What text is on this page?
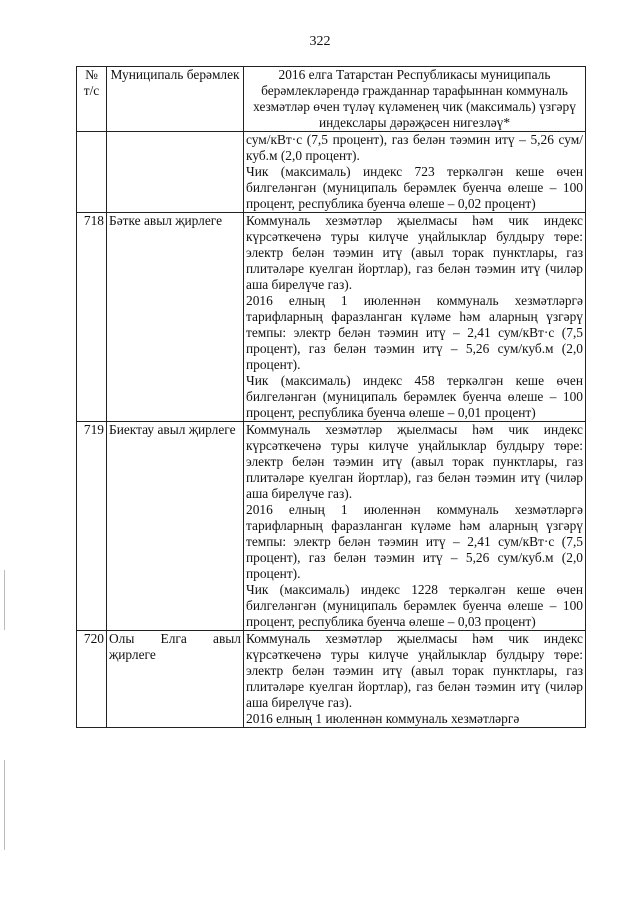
322
№ т/с	Муниципаль берәмлек	2016 елга Татарстан Республикасы муниципаль берәмлекләрендә гражданнар тарафыннан коммуналь хезмәтләр өчен түләү күләменең чик (максималь) үзгәрү индекслары дәрәҗәсен нигезләү*

		сум/кВт·с (7,5 процент), газ белән тәэмин итү – 5,26 сум/куб.м (2,0 процент).
Чик (максималь) индекс 723 теркәлгән кеше өчен билгеләнгән (муниципаль берәмлек буенча өлеше – 100 процент, республика буенча өлеше – 0,02 процент)

718	Бәтке авыл җирлеге	Коммуналь хезмәтләр җыелмасы һәм чик индекс күрсәткеченә туры килүче уңайлыклар булдыру төре: электр белән тәэмин итү (авыл торак пунктлары, газ плитәләре куелган йортлар), газ белән тәэмин итү (чиләр аша бирелүче газ).
2016 елның 1 июленнән коммуналь хезмәтләргә тарифларның фаразланган күләме һәм аларның үзгәрү темпы: электр белән тәэмин итү – 2,41 сум/кВт·с (7,5 процент), газ белән тәэмин итү – 5,26 сум/куб.м (2,0 процент).
Чик (максималь) индекс 458 теркәлгән кеше өчен билгеләнгән (муниципаль берәмлек буенча өлеше – 100 процент, республика буенча өлеше – 0,01 процент)

719	Биектау авыл җирлеге	Коммуналь хезмәтләр җыелмасы һәм чик индекс күрсәткеченә туры килүче уңайлыклар булдыру төре: электр белән тәэмин итү (авыл торак пунктлары, газ плитәләре куелган йортлар), газ белән тәэмин итү (чиләр аша бирелүче газ).
2016 елның 1 июленнән коммуналь хезмәтләргә тарифларның фаразланган күләме һәм аларның үзгәрү темпы: электр белән тәэмин итү – 2,41 сум/кВт·с (7,5 процент), газ белән тәэмин итү – 5,26 сум/куб.м (2,0 процент).
Чик (максималь) индекс 1228 теркәлгән кеше өчен билгеләнгән (муниципаль берәмлек буенча өлеше – 100 процент, республика буенча өлеше – 0,03 процент)

720	Олы Елга авыл җирлеге	Коммуналь хезмәтләр җыелмасы һәм чик индекс күрсәткеченә туры килүче уңайлыклар булдыру төре: электр белән тәэмин итү (авыл торак пунктлары, газ плитәләре куелган йортлар), газ белән тәэмин итү (чиләр аша бирелүче газ).
2016 елның 1 июленнән коммуналь хезмәтләргә
